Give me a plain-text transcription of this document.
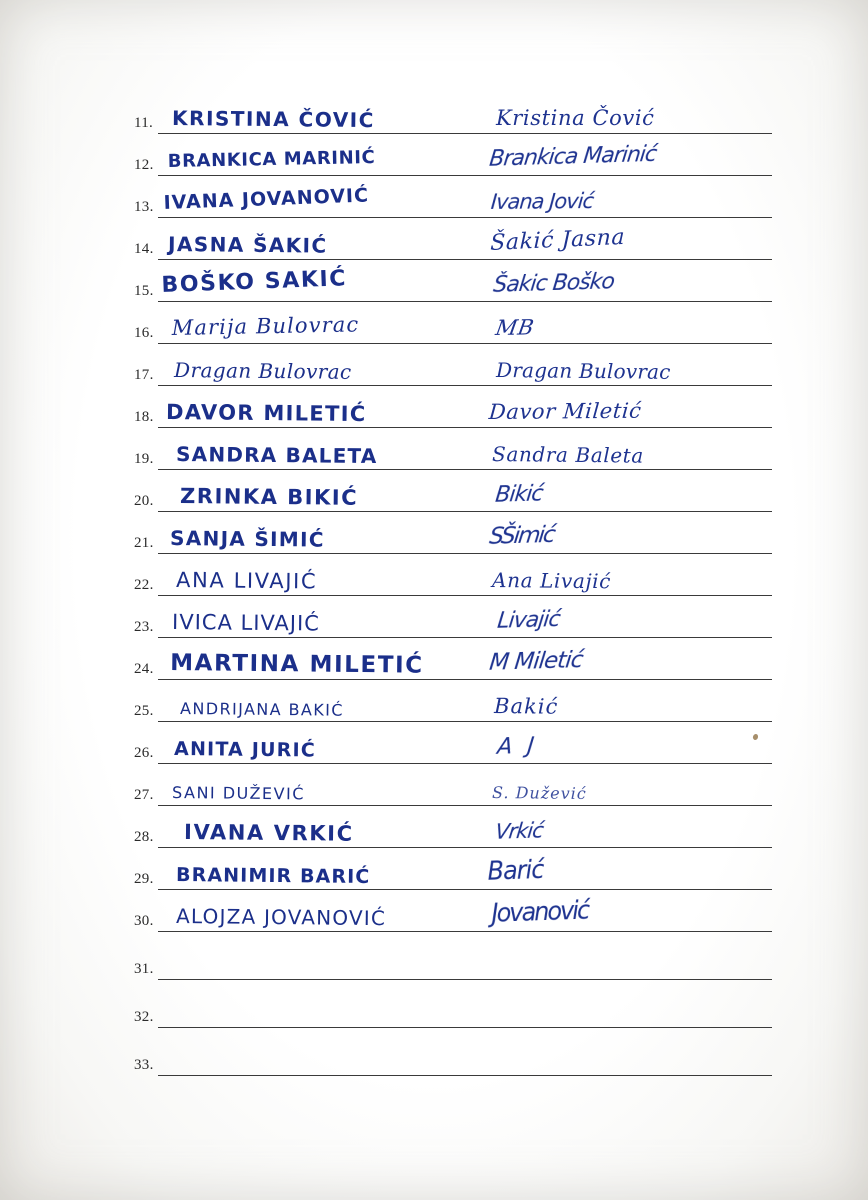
11. KRISTINA ČOVIĆ	Kristina Čović
12. BRANKICA MARINIĆ	Brankica Marinić
13. IVANA JOVANOVIĆ	Ivana Jović
14. JASNA ŠAKIĆ	Šakić Jasna
15. BOŠKO SAKIĆ	Šakic Boško
16. Marija Bulovrac	MB
17. Dragan Bulovrac	Dragan Bulovrac
18. DAVOR MILETIĆ	Davor Miletić
19. SANDRA BALETA	Sandra Baleta
20. ZRINKA BIKIĆ	Bikić
21. SANJA ŠIMIĆ	SŠimić
22. ANA LIVAJIĆ	Ana Livajić
23. IVICA LIVAJIĆ	Livajić
24. MARTINA MILETIĆ	M Miletić
25. ANDRIJANA BAKIĆ	Bakić
26. ANITA JURIĆ	A J
27. SANI DUŽEVIĆ	S. Dužević
28. IVANA VRKIĆ	Vrkić
29. BRANIMIR BARIĆ	Barić
30. ALOJZA JOVANOVIĆ	Jovanović
31.
32.
33.
